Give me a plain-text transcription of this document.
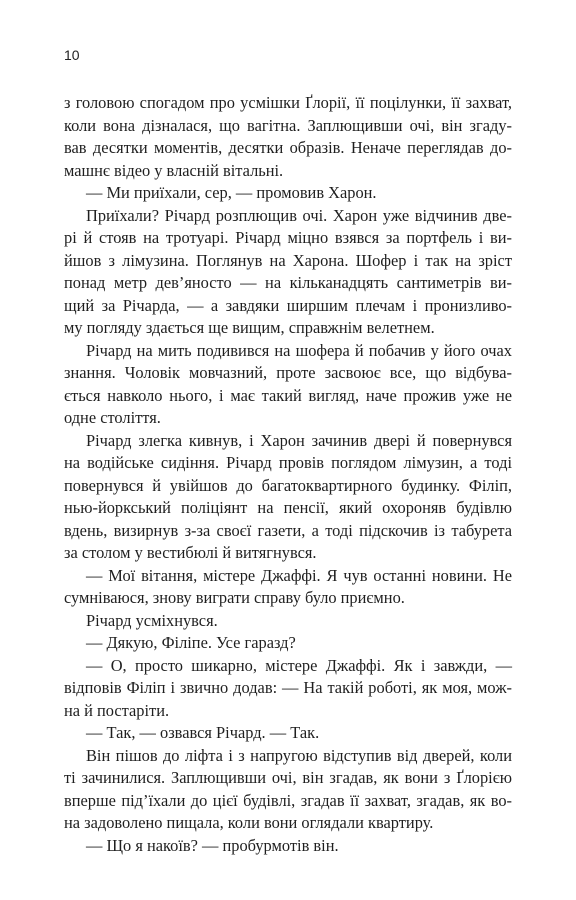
10
з головою спогадом про усмішки Ґлорії, її поцілунки, її захват,
коли вона дізналася, що вагітна. Заплющивши очі, він згаду-
вав десятки моментів, десятки образів. Неначе переглядав до-
машнє відео у власній вітальні.
— Ми приїхали, сер, — промовив Харон.
Приїхали? Річард розплющив очі. Харон уже відчинив две-
рі й стояв на тротуарі. Річард міцно взявся за портфель і ви-
йшов з лімузина. Поглянув на Харона. Шофер і так на зріст
понад метр дев’яносто — на кільканадцять сантиметрів ви-
щий за Річарда, — а завдяки ширшим плечам і пронизливо-
му погляду здається ще вищим, справжнім велетнем.
Річард на мить подивився на шофера й побачив у його очах
знання. Чоловік мовчазний, проте засвоює все, що відбува-
ється навколо нього, і має такий вигляд, наче прожив уже не
одне століття.
Річард злегка кивнув, і Харон зачинив двері й повернувся
на водійське сидіння. Річард провів поглядом лімузин, а тоді
повернувся й увійшов до багатоквартирного будинку. Філіп,
нью-йоркський поліціянт на пенсії, який охороняв будівлю
вдень, визирнув з-за своєї газети, а тоді підскочив із табурета
за столом у вестибюлі й витягнувся.
— Мої вітання, містере Джаффі. Я чув останні новини. Не
сумніваюся, знову виграти справу було приємно.
Річард усміхнувся.
— Дякую, Філіпе. Усе гаразд?
— О, просто шикарно, містере Джаффі. Як і завжди, —
відповів Філіп і звично додав: — На такій роботі, як моя, мож-
на й постаріти.
— Так, — озвався Річард. — Так.
Він пішов до ліфта і з напругою відступив від дверей, коли
ті зачинилися. Заплющивши очі, він згадав, як вони з Ґлорією
вперше під’їхали до цієї будівлі, згадав її захват, згадав, як во-
на задоволено пищала, коли вони оглядали квартиру.
— Що я накоїв? — пробурмотів він.
